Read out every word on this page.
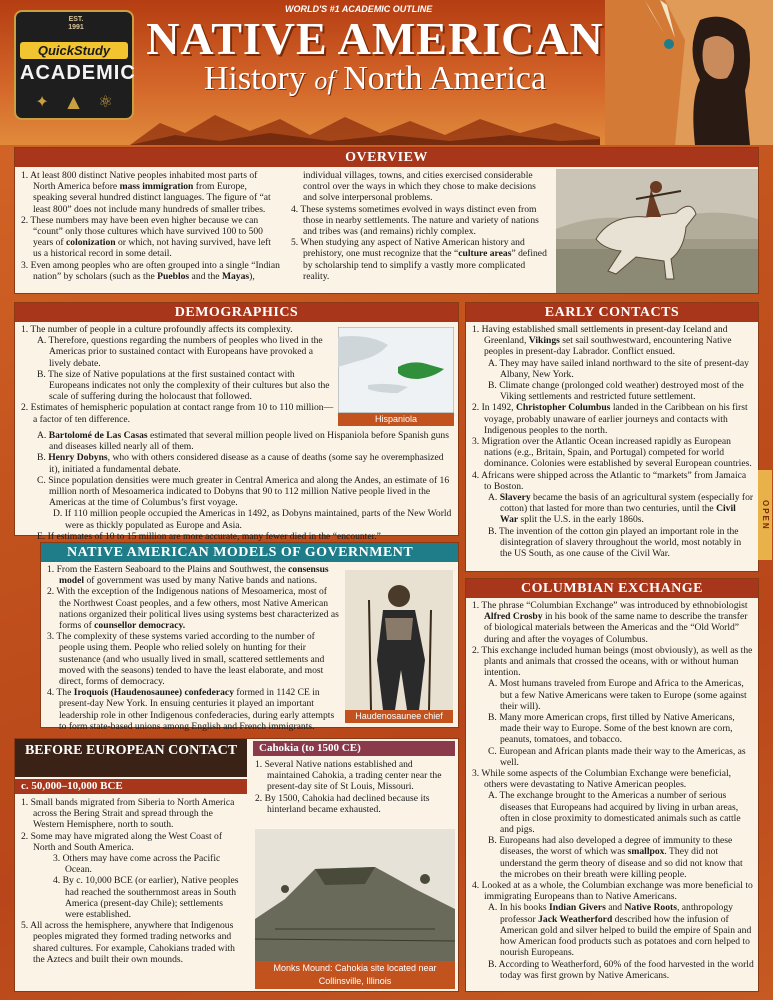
EST. 1991
QuickStudy
ACADEMIC
✦ ▲ ⚛
WORLD'S #1 ACADEMIC OUTLINE
NATIVE AMERICAN
History of North America
OVERVIEW

1. At least 800 distinct Native peoples inhabited most parts of North America before mass immigration from Europe, speaking several hundred distinct languages. The figure of “at least 800” does not include many hundreds of smaller tribes.

2. These numbers may have been even higher because we can “count” only those cultures which have survived 100 to 500 years of colonization or which, not having survived, have left us a historical record in some detail.

3. Even among peoples who are often grouped into a single “Indian nation” by scholars (such as the Pueblos and the Mayas), individual villages, towns, and cities exercised considerable control over the ways in which they chose to make decisions and solve interpersonal problems.

4. These systems sometimes evolved in ways distinct even from those in nearby settlements. The nature and variety of nations and tribes was (and remains) richly complex.

5. When studying any aspect of Native American history and prehistory, one must recognize that the “culture areas” defined by scholarship tend to simplify a vastly more complicated reality.

DEMOGRAPHICS

1. The number of people in a culture profoundly affects its complexity.

A. Therefore, questions regarding the numbers of peoples who lived in the Americas prior to sustained contact with Europeans have provoked a lively debate.

B. The size of Native populations at the first sustained contact with Europeans indicates not only the complexity of their cultures but also the scale of suffering during the holocaust that followed.

2. Estimates of hemispheric population at contact range from 10 to 110 million—a factor of ten difference.

A. Bartolomé de Las Casas estimated that several million people lived on Hispaniola before Spanish guns and diseases killed nearly all of them.

B. Henry Dobyns, who with others considered disease as a cause of deaths (some say he overemphasized it), initiated a fundamental debate.

C. Since population densities were much greater in Central America and along the Andes, an estimate of 16 million north of Mesoamerica indicated to Dobyns that 90 to 112 million Native people lived in the Americas at the time of Columbus’s first voyage.

D. If 110 million people occupied the Americas in 1492, as Dobyns maintained, parts of the New World were as thickly populated as Europe and Asia.

E. If estimates of 10 to 15 million are more accurate, many fewer died in the “encounter.”

Hispaniola
EARLY CONTACTS

1. Having established small settlements in present-day Iceland and Greenland, Vikings set sail southwestward, encountering Native peoples in present-day Labrador. Conflict ensued.

A. They may have sailed inland northward to the site of present-day Albany, New York.

B. Climate change (prolonged cold weather) destroyed most of the Viking settlements and restricted future settlement.

2. In 1492, Christopher Columbus landed in the Caribbean on his first voyage, probably unaware of earlier journeys and contacts with Indigenous peoples to the north.

3. Migration over the Atlantic Ocean increased rapidly as European nations (e.g., Britain, Spain, and Portugal) competed for world dominance. Colonies were established by several European countries.

4. Africans were shipped across the Atlantic to “markets” from Jamaica to Boston.

A. Slavery became the basis of an agricultural system (especially for cotton) that lasted for more than two centuries, until the Civil War split the U.S. in the early 1860s.

B. The invention of the cotton gin played an important role in the disintegration of slavery throughout the world, most notably in the US South, as one cause of the Civil War.

NATIVE AMERICAN MODELS OF GOVERNMENT

1. From the Eastern Seaboard to the Plains and Southwest, the consensus model of government was used by many Native bands and nations.

2. With the exception of the Indigenous nations of Mesoamerica, most of the Northwest Coast peoples, and a few others, most Native American nations organized their political lives using systems best characterized as forms of counsellor democracy.

3. The complexity of these systems varied according to the number of people using them. People who relied solely on hunting for their sustenance (and who usually lived in small, scattered settlements and moved with the seasons) tended to have the least elaborate, and most direct, forms of democracy.

4. The Iroquois (Haudenosaunee) confederacy formed in 1142 CE in present-day New York. In ensuing centuries it played an important leadership role in other Indigenous confederacies, during early attempts to form state-based unions among English and French immigrants.

Haudenosaunee chief
COLUMBIAN EXCHANGE

1. The phrase “Columbian Exchange” was introduced by ethnobiologist Alfred Crosby in his book of the same name to describe the transfer of biological materials between the Americas and the “Old World” during and after the voyages of Columbus.

2. This exchange included human beings (most obviously), as well as the plants and animals that crossed the oceans, with or without human intention.

A. Most humans traveled from Europe and Africa to the Americas, but a few Native Americans were taken to Europe (some against their will).

B. Many more American crops, first tilled by Native Americans, made their way to Europe. Some of the best known are corn, peanuts, tomatoes, and tobacco.

C. European and African plants made their way to the Americas, as well.

3. While some aspects of the Columbian Exchange were beneficial, others were devastating to Native American peoples.

A. The exchange brought to the Americas a number of serious diseases that Europeans had acquired by living in urban areas, often in close proximity to domesticated animals such as cattle and pigs.

B. Europeans had also developed a degree of immunity to these diseases, the worst of which was smallpox. They did not understand the germ theory of disease and so did not know that the microbes on their breath were killing people.

4. Looked at as a whole, the Columbian exchange was more beneficial to immigrating Europeans than to Native Americans.

A. In his books Indian Givers and Native Roots, anthropology professor Jack Weatherford described how the infusion of American gold and silver helped to build the empire of Spain and how American food products such as potatoes and corn helped to nourish Europeans.

B. According to Weatherford, 60% of the food harvested in the world today was first grown by Native Americans.

BEFORE EUROPEAN CONTACT
c. 50,000–10,000 BCE

1. Small bands migrated from Siberia to North America across the Bering Strait and spread through the Western Hemisphere, north to south.

2. Some may have migrated along the West Coast of North and South America.

3. Others may have come across the Pacific Ocean.

4. By c. 10,000 BCE (or earlier), Native peoples had reached the southernmost areas in South America (present-day Chile); settlements were established.

5. All across the hemisphere, anywhere that Indigenous peoples migrated they formed trading networks and shared cultures. For example, Cahokians traded with the Aztecs and built their own mounds.

Cahokia (to 1500 CE)

1. Several Native nations established and maintained Cahokia, a trading center near the present-day site of St Louis, Missouri.

2. By 1500, Cahokia had declined because its hinterland became exhausted.

Monks Mound: Cahokia site located near Collinsville, Illinois
OPEN
